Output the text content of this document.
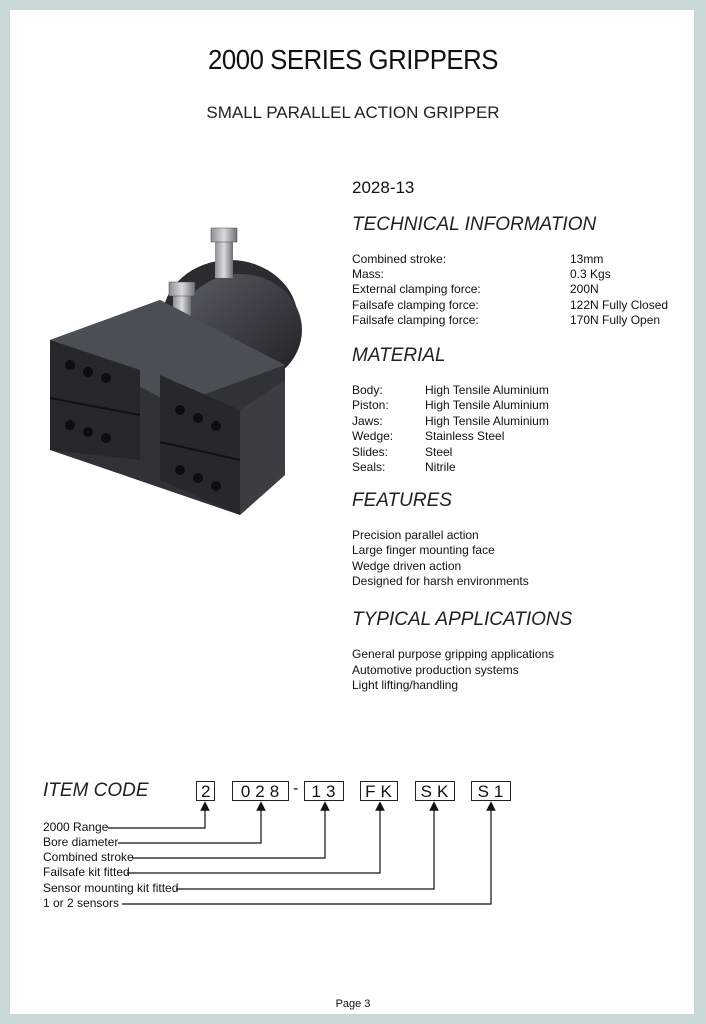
2000 SERIES GRIPPERS
SMALL PARALLEL ACTION GRIPPER
2028-13
TECHNICAL INFORMATION
Combined stroke:	13mm
Mass:	0.3 Kgs
External clamping force:	200N
Failsafe clamping force:	122N Fully Closed
Failsafe clamping force:	170N Fully Open
MATERIAL
Body:	High Tensile Aluminium
Piston:	High Tensile Aluminium
Jaws:	High Tensile Aluminium
Wedge:	Stainless Steel
Slides:	Steel
Seals:	Nitrile
FEATURES
Precision parallel action
Large finger mounting face
Wedge driven action
Designed for harsh environments
TYPICAL APPLICATIONS
General purpose gripping applications
Automotive production systems
Light lifting/handling
ITEM CODE	2	028 - 13	FK	SK	S1
2000 Range
Bore diameter
Combined stroke
Failsafe kit fitted
Sensor mounting kit fitted
1 or 2 sensors
Page 3
